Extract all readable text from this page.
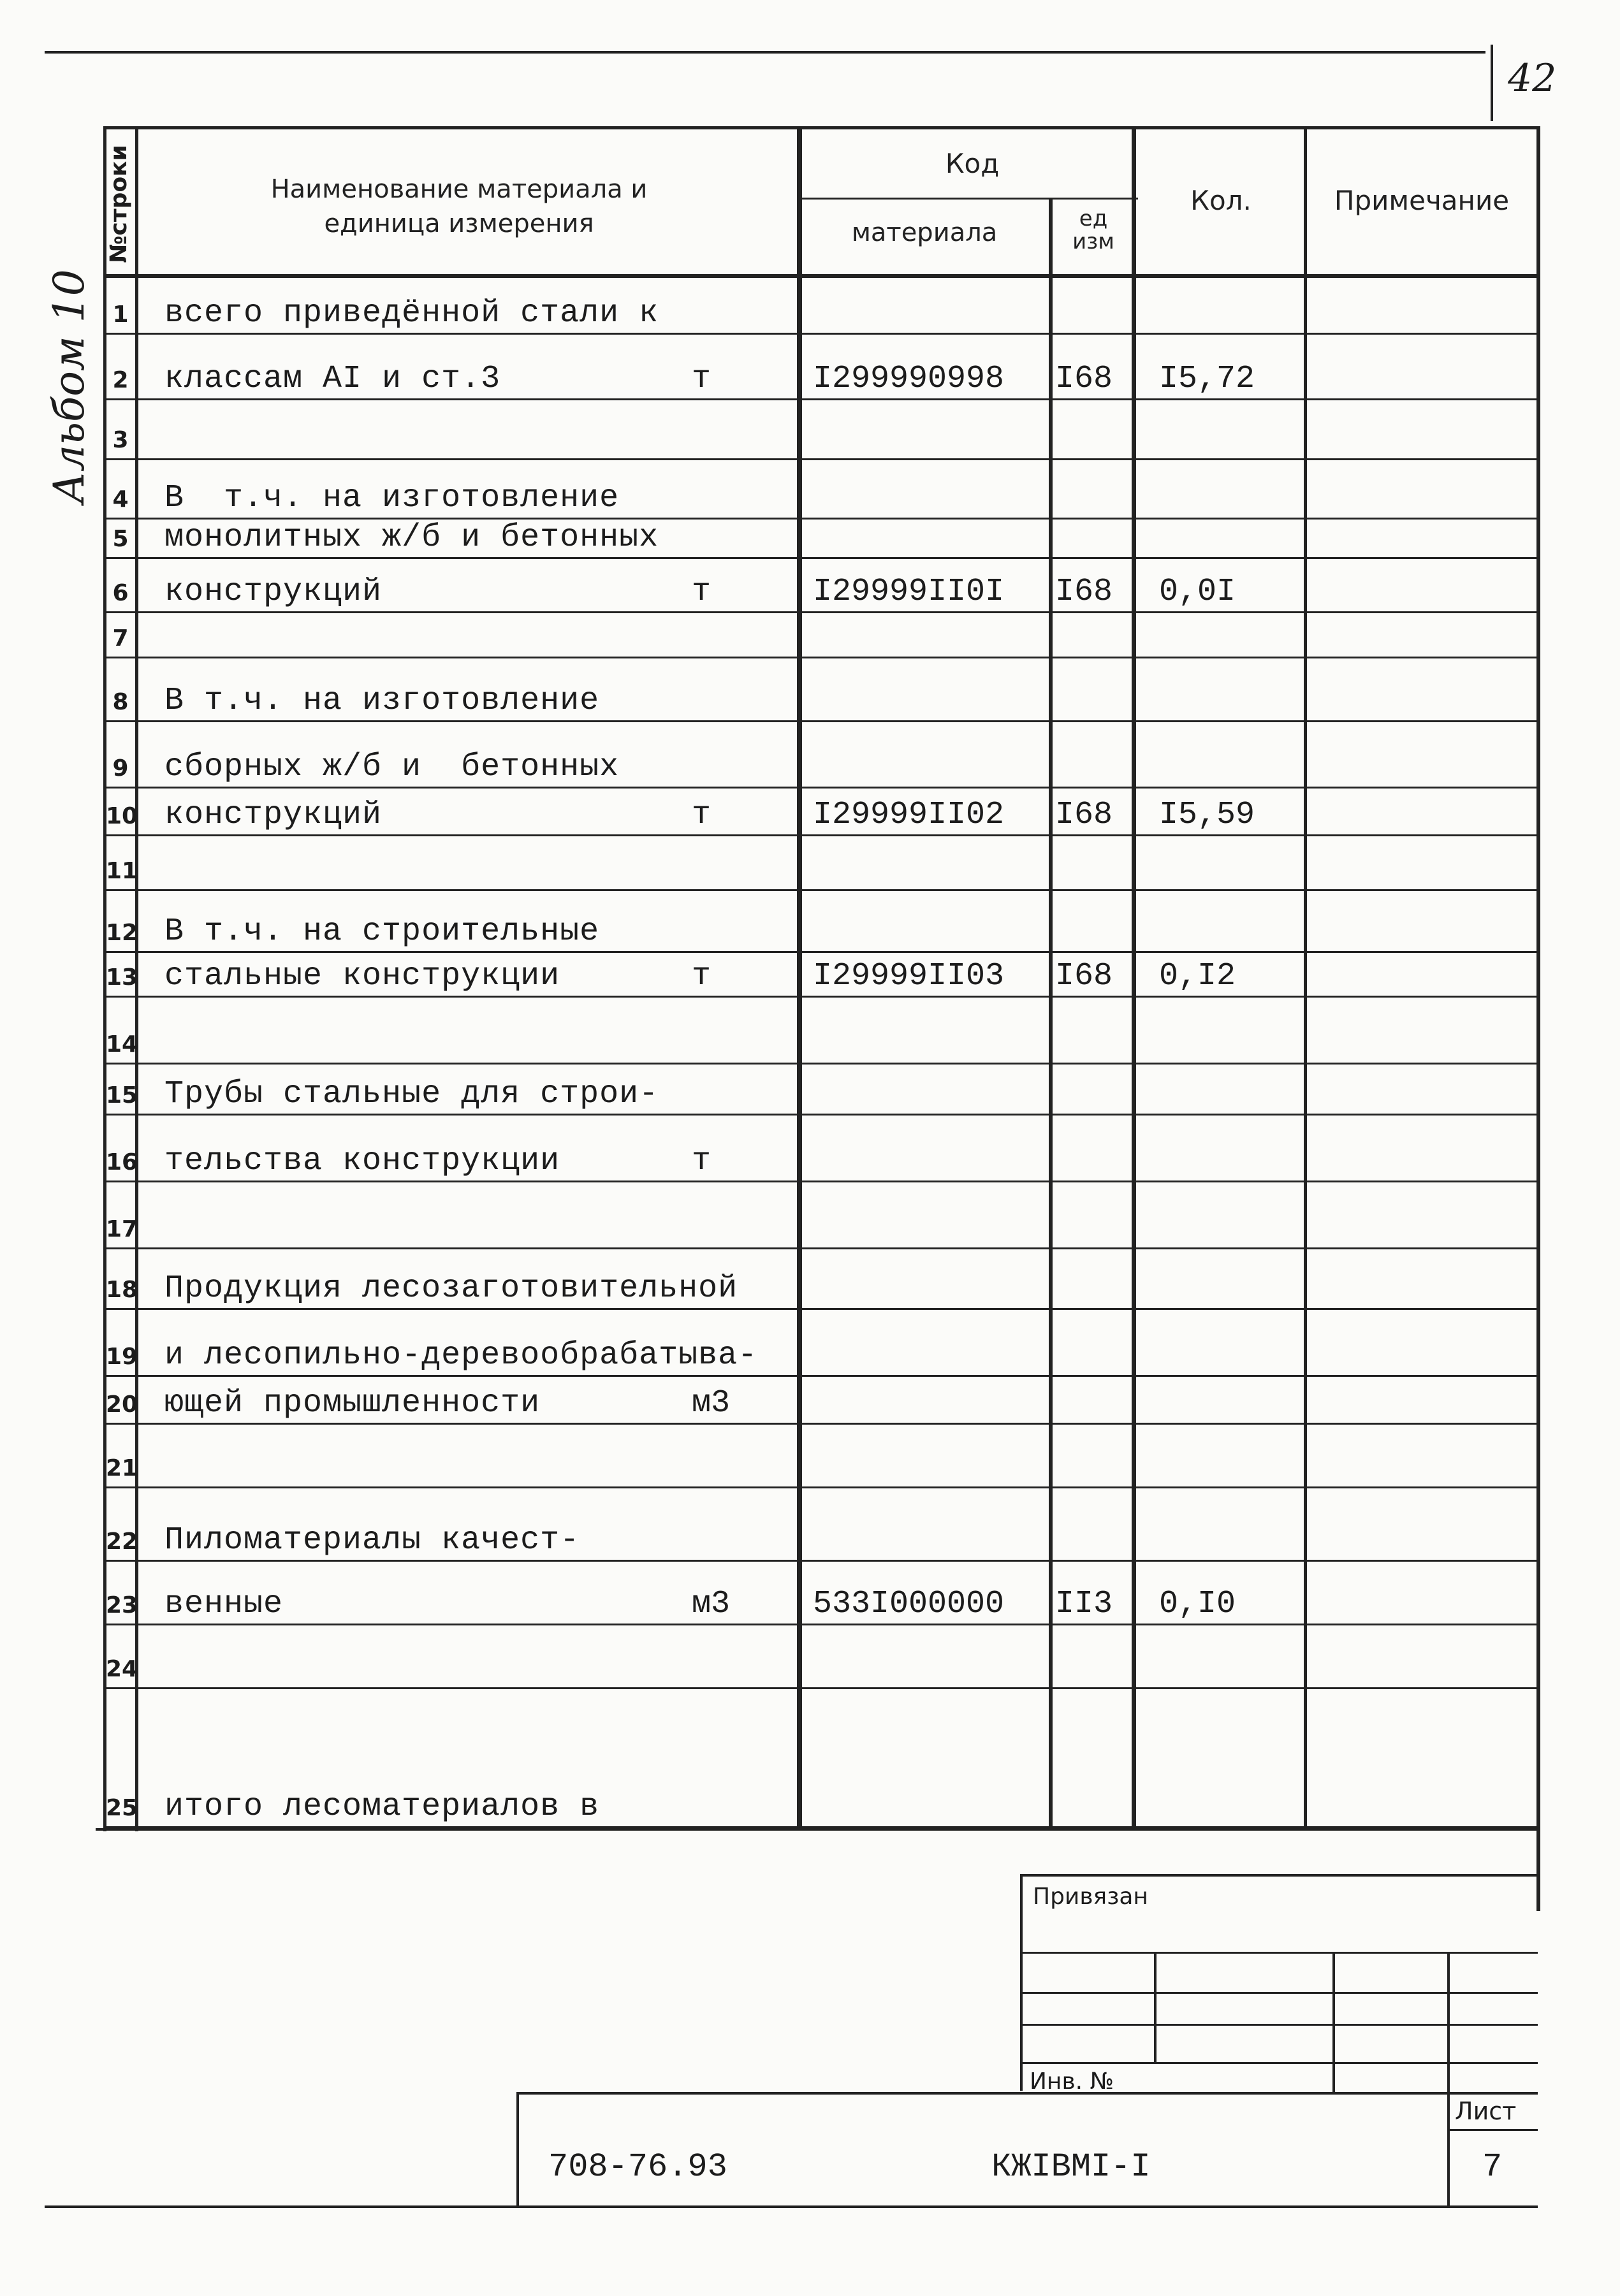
42
Альбом 10
№строки	Наименование материала и единица измерения
Код
материала	ед изм
Кол.	Примечание
1 всего приведённой стали к
2 классам AI и ст.3	т	I299990998 I68 I5,72
3
4 В  т.ч. на изготовление
5 монолитных ж/б и бетонных
6 конструкций	т	I29999II0I I68 0,0I
7
8 В т.ч. на изготовление
9 сборных ж/б и  бетонных
10 конструкций	т	I29999II02 I68 I5,59
11
12 В т.ч. на строительные
13 стальные конструкции	т	I29999II03 I68 0,I2
14
15 Трубы стальные для строи-
16 тельства конструкции	т
17
18 Продукция лесозаготовительной
19 и лесопильно-деревообрабатыва-
20 ющей промышленности	м3
21
22 Пиломатериалы качест-
23 венные	м3	533I000000 II3 0,I0
24
25 итого лесоматериалов в
Привязан
Инв. №
708-76.93	КЖIВМI-I
Лист
7
